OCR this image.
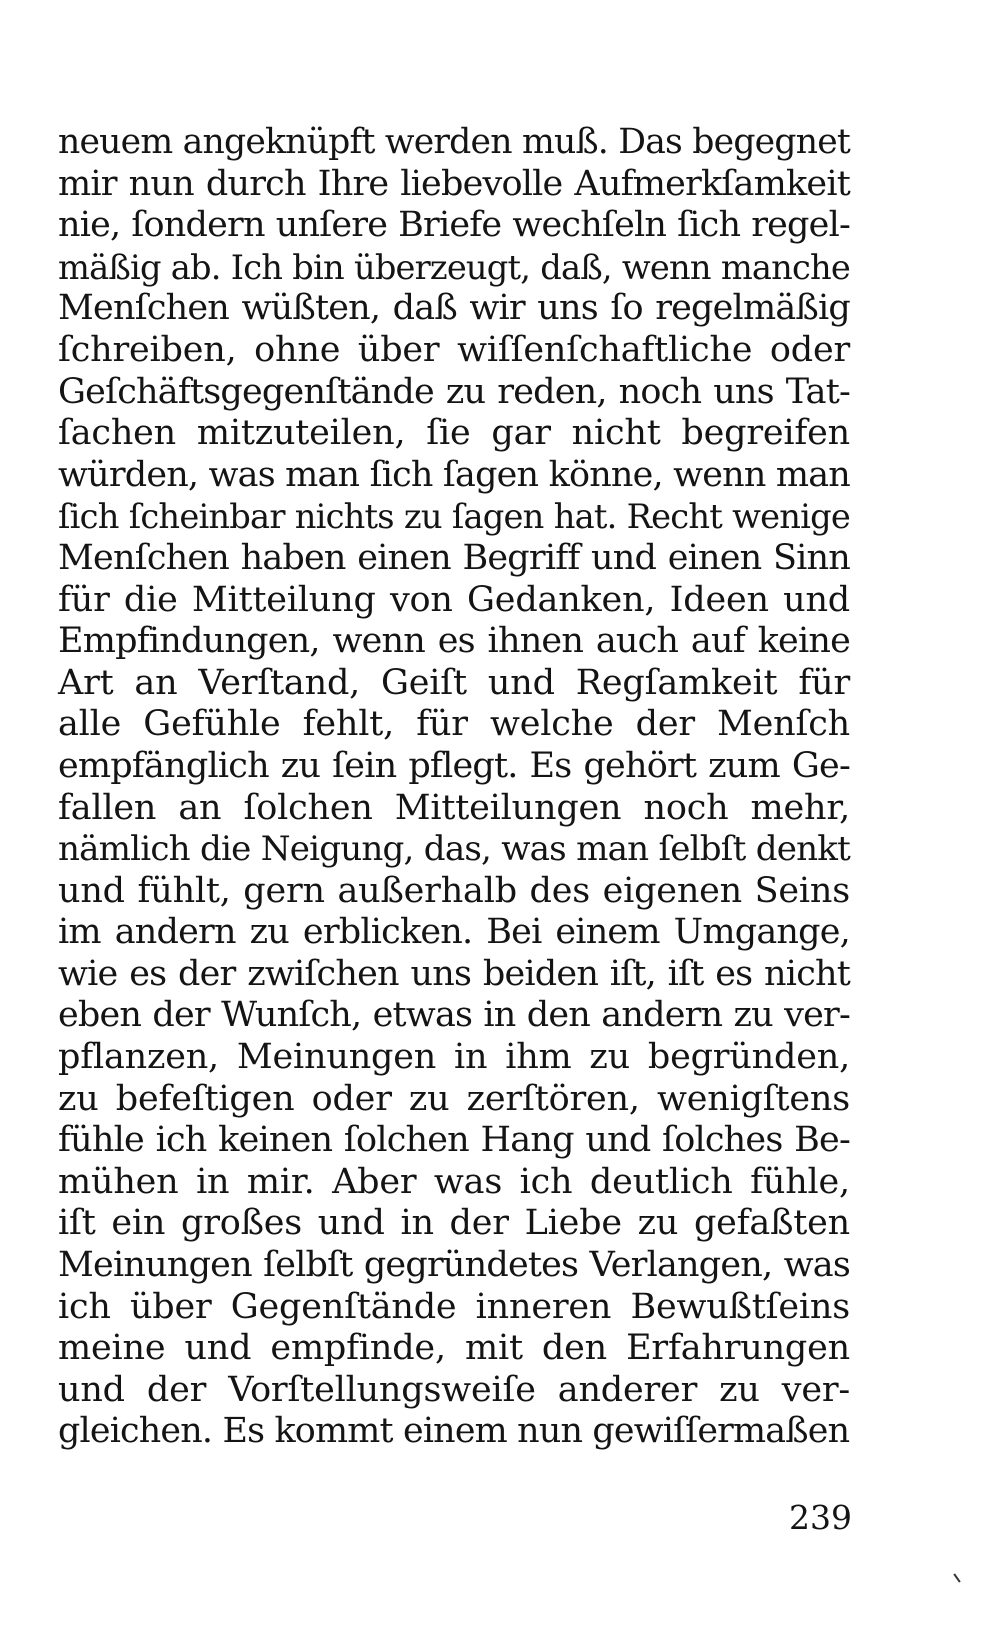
neuem angeknüpft werden muß. Das begegnet
mir nun durch Ihre liebevolle Aufmerkſamkeit
nie, ſondern unſere Briefe wechſeln ſich regel-
mäßig ab. Ich bin überzeugt, daß, wenn manche
Menſchen wüßten, daß wir uns ſo regelmäßig
ſchreiben, ohne über wiſſenſchaftliche oder
Geſchäftsgegenſtände zu reden, noch uns Tat-
ſachen mitzuteilen, ſie gar nicht begreifen
würden, was man ſich ſagen könne, wenn man
ſich ſcheinbar nichts zu ſagen hat. Recht wenige
Menſchen haben einen Begriff und einen Sinn
für die Mitteilung von Gedanken, Ideen und
Empfindungen, wenn es ihnen auch auf keine
Art an Verſtand, Geiſt und Regſamkeit für
alle Gefühle fehlt, für welche der Menſch
empfänglich zu ſein pflegt. Es gehört zum Ge-
fallen an ſolchen Mitteilungen noch mehr,
nämlich die Neigung, das, was man ſelbſt denkt
und fühlt, gern außerhalb des eigenen Seins
im andern zu erblicken. Bei einem Umgange,
wie es der zwiſchen uns beiden iſt, iſt es nicht
eben der Wunſch, etwas in den andern zu ver-
pflanzen, Meinungen in ihm zu begründen,
zu befeſtigen oder zu zerſtören, wenigſtens
fühle ich keinen ſolchen Hang und ſolches Be-
mühen in mir. Aber was ich deutlich fühle,
iſt ein großes und in der Liebe zu gefaßten
Meinungen ſelbſt gegründetes Verlangen, was
ich über Gegenſtände inneren Bewußtſeins
meine und empfinde, mit den Erfahrungen
und der Vorſtellungsweiſe anderer zu ver-
gleichen. Es kommt einem nun gewiſſermaßen
239
